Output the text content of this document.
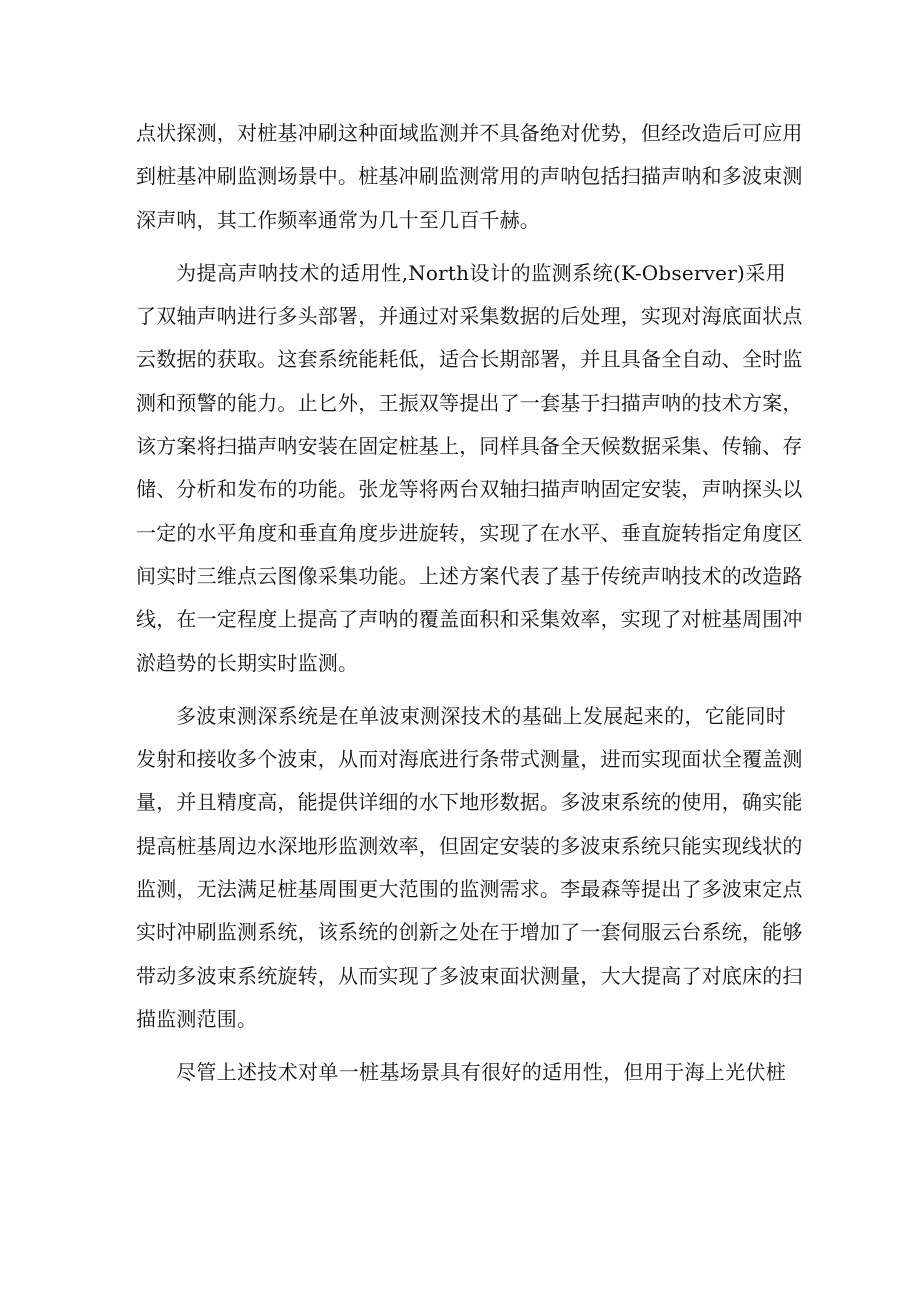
点状探测，对桩基冲刷这种面域监测并不具备绝对优势，但经改造后可应用
到桩基冲刷监测场景中。桩基冲刷监测常用的声呐包括扫描声呐和多波束测
深声呐，其工作频率通常为几十至几百千赫。
为提高声呐技术的适用性,North设计的监测系统(K-Observer)采用
了双轴声呐进行多头部署，并通过对采集数据的后处理，实现对海底面状点
云数据的获取。这套系统能耗低，适合长期部署，并且具备全自动、全时监
测和预警的能力。止匕外，王振双等提出了一套基于扫描声呐的技术方案，
该方案将扫描声呐安装在固定桩基上，同样具备全天候数据采集、传输、存
储、分析和发布的功能。张龙等将两台双轴扫描声呐固定安装，声呐探头以
一定的水平角度和垂直角度步进旋转，实现了在水平、垂直旋转指定角度区
间实时三维点云图像采集功能。上述方案代表了基于传统声呐技术的改造路
线，在一定程度上提高了声呐的覆盖面积和采集效率，实现了对桩基周围冲
淤趋势的长期实时监测。
多波束测深系统是在单波束测深技术的基础上发展起来的，它能同时
发射和接收多个波束，从而对海底进行条带式测量，进而实现面状全覆盖测
量，并且精度高，能提供详细的水下地形数据。多波束系统的使用，确实能
提高桩基周边水深地形监测效率，但固定安装的多波束系统只能实现线状的
监测，无法满足桩基周围更大范围的监测需求。李最森等提出了多波束定点
实时冲刷监测系统，该系统的创新之处在于增加了一套伺服云台系统，能够
带动多波束系统旋转，从而实现了多波束面状测量，大大提高了对底床的扫
描监测范围。
尽管上述技术对单一桩基场景具有很好的适用性，但用于海上光伏桩
